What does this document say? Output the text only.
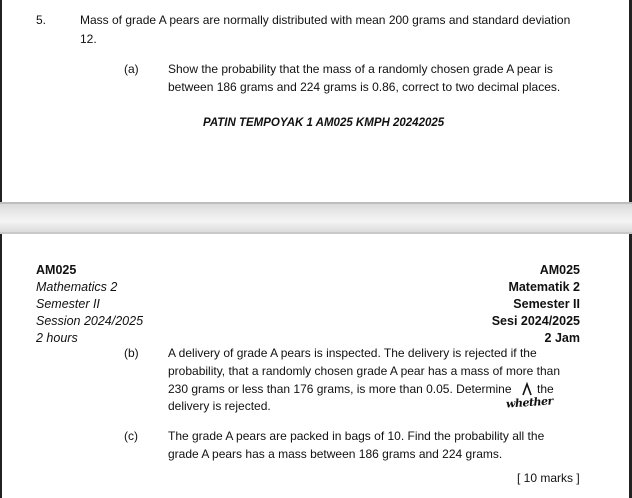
5.	Mass of grade A pears are normally distributed with mean 200 grams and standard deviation
12.
(a) Show the probability that the mass of a randomly chosen grade A pear is
between 186 grams and 224 grams is 0.86, correct to two decimal places.
PATIN TEMPOYAK 1 AM025 KMPH 20242025
AM025
Mathematics 2
Semester II
Session 2024/2025
2 hours
AM025
Matematik 2
Semester II
Sesi 2024/2025
2 Jam
(b) A delivery of grade A pears is inspected. The delivery is rejected if the
probability, that a randomly chosen grade A pear has a mass of more than
230 grams or less than 176 grams, is more than 0.05. Determine the
whether
delivery is rejected.
(c)	The grade A pears are packed in bags of 10. Find the probability all the
grade A pears has a mass between 186 grams and 224 grams.
[ 10 marks ]
